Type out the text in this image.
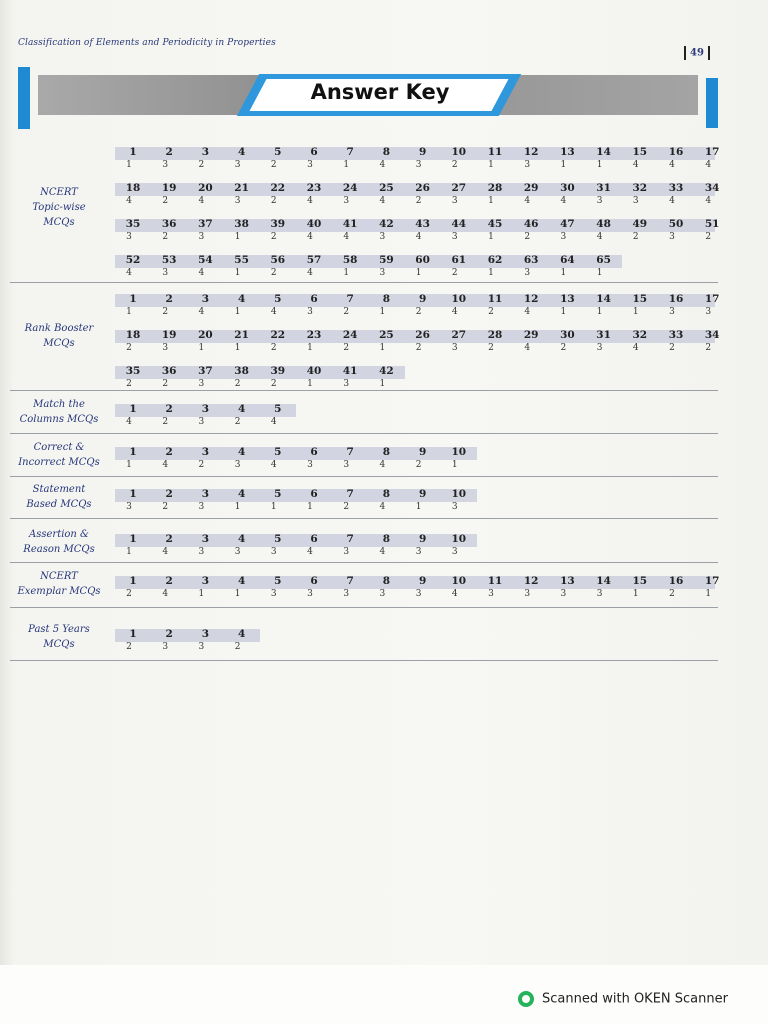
Classification of Elements and Periodicity in Properties
49
Answer Key
NCERT
Topic-wise
MCQs
1
1
2
3
3
2
4
3
5
2
6
3
7
1
8
4
9
3
10
2
11
1
12
3
13
1
14
1
15
4
16
4
17
4
18
4
19
2
20
4
21
3
22
2
23
4
24
3
25
4
26
2
27
3
28
1
29
4
30
4
31
3
32
3
33
4
34
4
35
3
36
2
37
3
38
1
39
2
40
4
41
4
42
3
43
4
44
3
45
1
46
2
47
3
48
4
49
2
50
3
51
2
52
4
53
3
54
4
55
1
56
2
57
4
58
1
59
3
60
1
61
2
62
1
63
3
64
1
65
1
Rank Booster
MCQs
1
1
2
2
3
4
4
1
5
4
6
3
7
2
8
1
9
2
10
4
11
2
12
4
13
1
14
1
15
1
16
3
17
3
18
2
19
3
20
1
21
1
22
2
23
1
24
2
25
1
26
2
27
3
28
2
29
4
30
2
31
3
32
4
33
2
34
2
35
2
36
2
37
3
38
2
39
2
40
1
41
3
42
1
Match the
Columns MCQs
1
4
2
2
3
3
4
2
5
4
Correct &
Incorrect MCQs
1
1
2
4
3
2
4
3
5
4
6
3
7
3
8
4
9
2
10
1
Statement
Based MCQs
1
3
2
2
3
3
4
1
5
1
6
1
7
2
8
4
9
1
10
3
Assertion &
Reason MCQs
1
1
2
4
3
3
4
3
5
3
6
4
7
3
8
4
9
3
10
3
NCERT
Exemplar MCQs
1
2
2
4
3
1
4
1
5
3
6
3
7
3
8
3
9
3
10
4
11
3
12
3
13
3
14
3
15
1
16
2
17
1
Past 5 Years
MCQs
1
2
2
3
3
3
4
2
Scanned with OKEN Scanner
